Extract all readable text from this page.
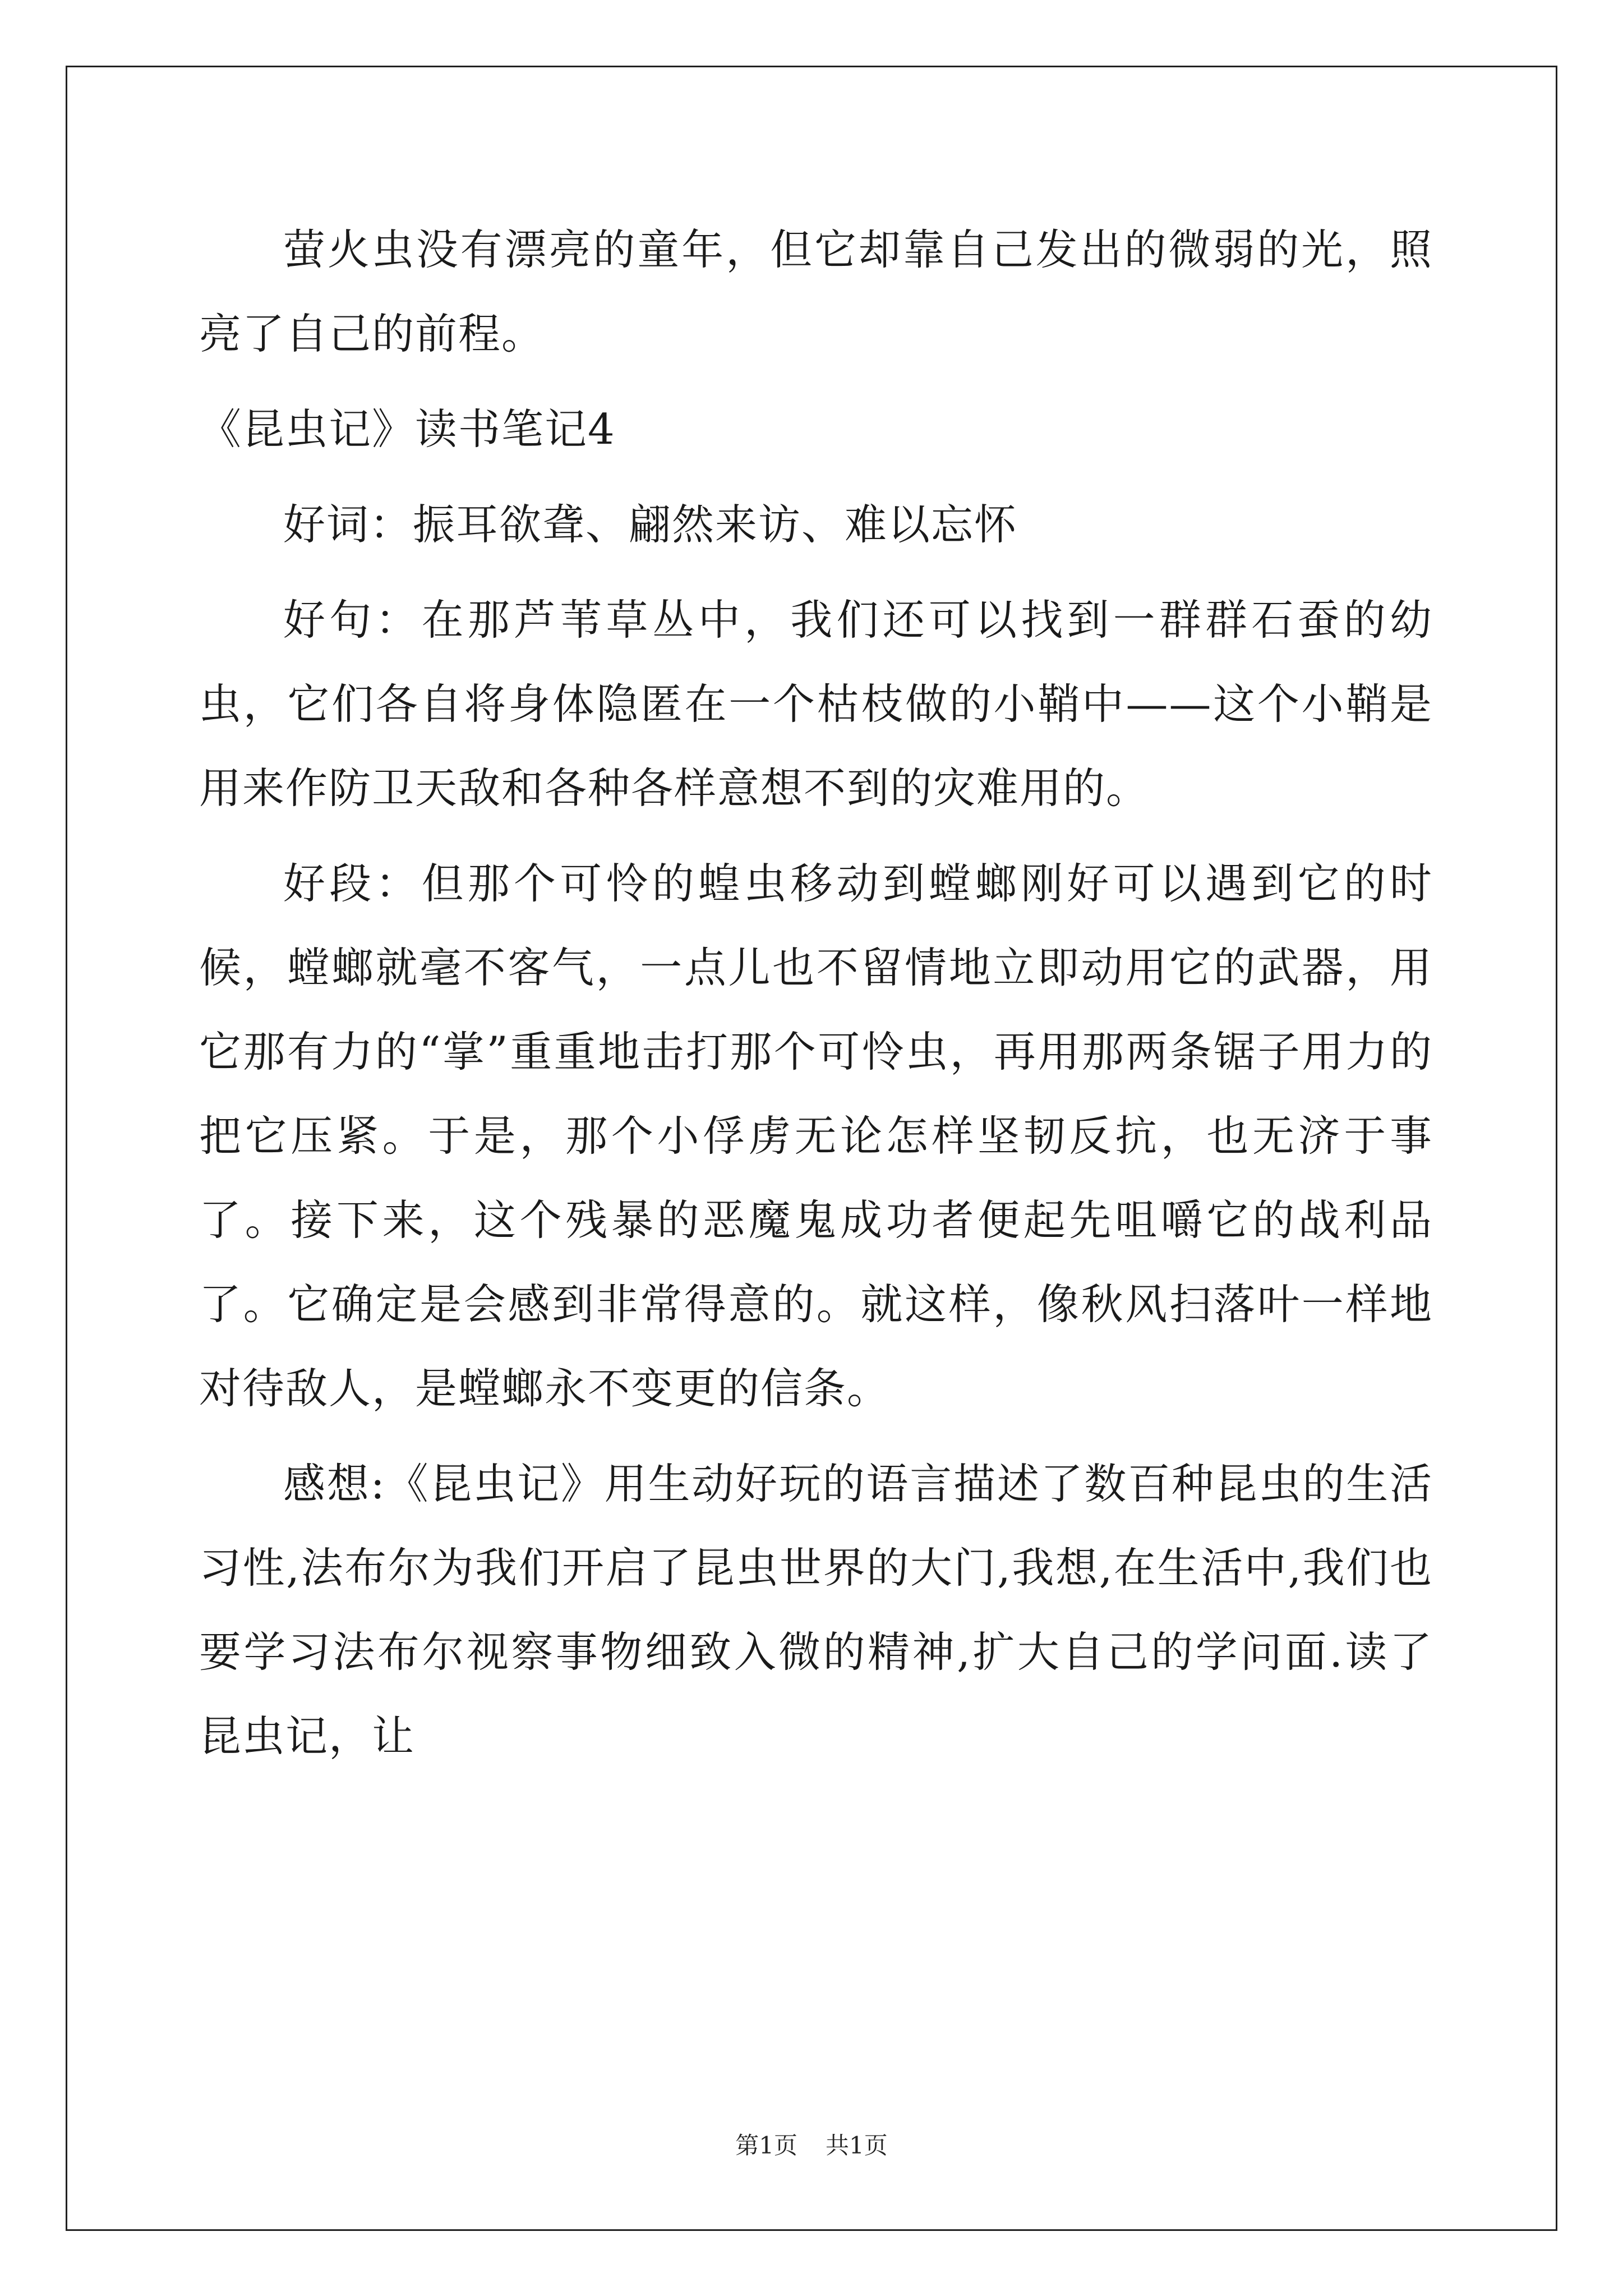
萤火虫没有漂亮的童年，但它却靠自己发出的微弱的光，照亮了自己的前程。

《昆虫记》读书笔记4

好词：振耳欲聋、翩然来访、难以忘怀

好句：在那芦苇草丛中，我们还可以找到一群群石蚕的幼虫，它们各自将身体隐匿在一个枯枝做的小鞘中——这个小鞘是用来作防卫天敌和各种各样意想不到的灾难用的。

好段：但那个可怜的蝗虫移动到螳螂刚好可以遇到它的时候，螳螂就毫不客气，一点儿也不留情地立即动用它的武器，用它那有力的“掌”重重地击打那个可怜虫，再用那两条锯子用力的把它压紧。于是，那个小俘虏无论怎样坚韧反抗，也无济于事了。接下来，这个残暴的恶魔鬼成功者便起先咀嚼它的战利品了。它确定是会感到非常得意的。就这样，像秋风扫落叶一样地对待敌人，是螳螂永不变更的信条。

感想:《昆虫记》用生动好玩的语言描述了数百种昆虫的生活习性,法布尔为我们开启了昆虫世界的大门,我想,在生活中,我们也要学习法布尔视察事物细致入微的精神,扩大自己的学问面.读了昆虫记，让

第1页 共1页
